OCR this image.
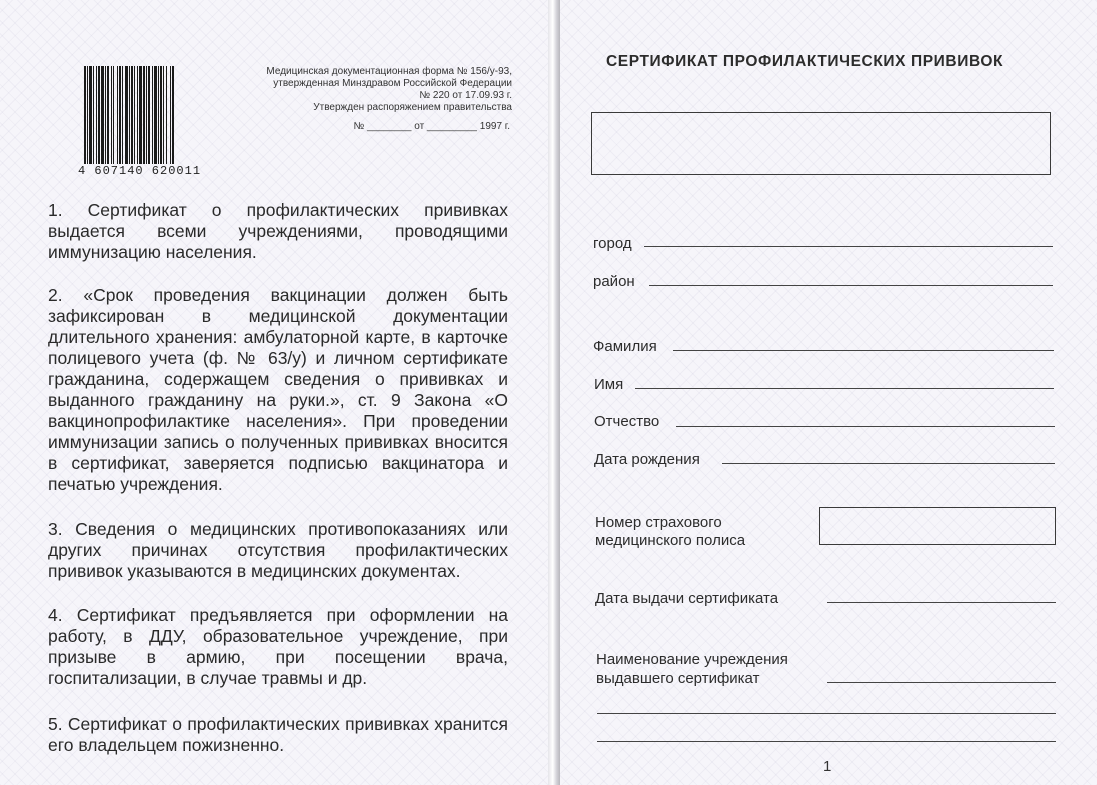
4 607140 620011
Медицинская документационная форма № 156/у-93,
утвержденная Минздравом Российской Федерации
№ 220 от 17.09.93 г.
Утвержден распоряжением правительства
№ ________ от _________ 1997 г.
1. Сертификат о профилактических прививках выдается всеми учреждениями, проводящими иммунизацию населения.
2. «Срок проведения вакцинации должен быть зафиксирован в медицинской документации длительного хранения: амбулаторной карте, в карточке полицевого учета (ф. № 63/у) и личном сертификате гражданина, содержащем сведения о прививках и выданного гражданину на руки.», ст. 9 Закона «О вакцинопрофилактике населения». При проведении иммунизации запись о полученных прививках вносится в сертификат, заверяется подписью вакцинатора и печатью учреждения.
3. Сведения о медицинских противопоказаниях или других причинах отсутствия профилактических прививок указываются в медицинских документах.
4. Сертификат предъявляется при оформлении на работу, в ДДУ, образовательное учреждение, при призыве в армию, при посещении врача, госпитализации, в случае травмы и др.
5. Сертификат о профилактических прививках хранится его владельцем пожизненно.
СЕРТИФИКАТ ПРОФИЛАКТИЧЕСКИХ ПРИВИВОК
город
район
Фамилия
Имя
Отчество
Дата рождения
Номер страхового
медицинского полиса
Дата выдачи сертификата
Наименование учреждения
выдавшего сертификат
1
